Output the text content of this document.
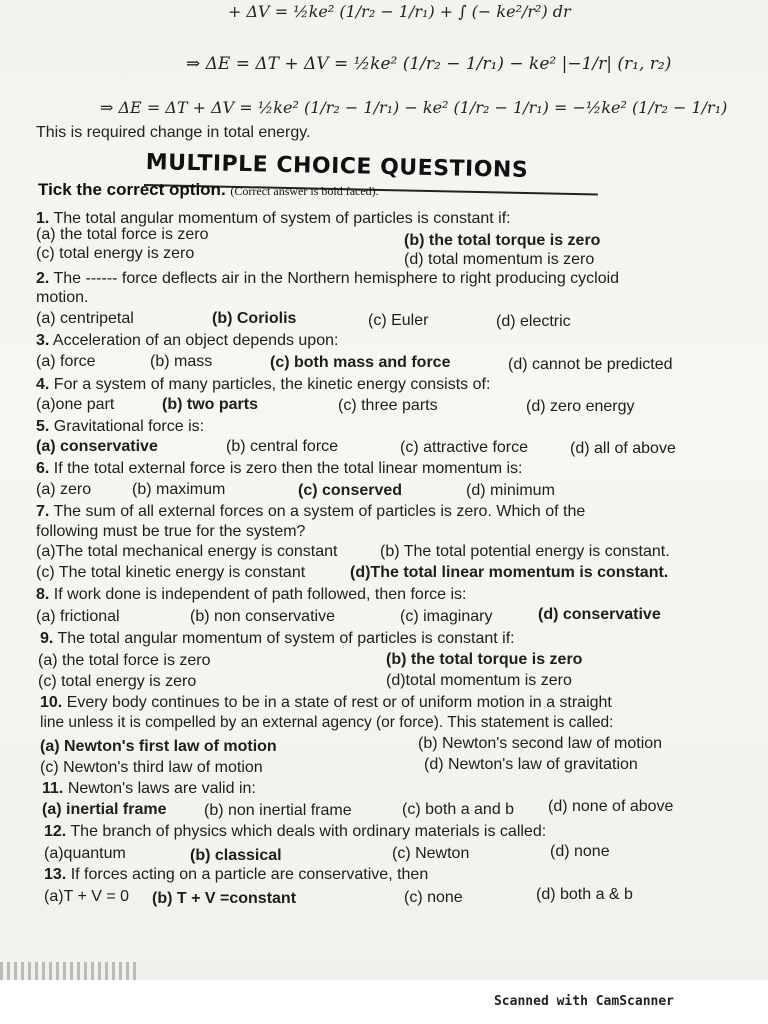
+ ΔV = ½ke² (1/r₂ − 1/r₁) + ∫ (− ke²/r²) dr
⇒ ΔE = ΔT + ΔV = ½ke² (1/r₂ − 1/r₁) − ke² |−1/r| (r₁, r₂)
⇒ ΔE = ΔT + ΔV = ½ke² (1/r₂ − 1/r₁) − ke² (1/r₂ − 1/r₁) = −½ke² (1/r₂ − 1/r₁)
This is required change in total energy.
MULTIPLE CHOICE QUESTIONS
Tick the correct option. (Correct answer is bold faced).
1. The total angular momentum of system of particles is constant if:
(a) the total force is zero	(b) the total torque is zero
(c) total energy is zero	(d) total momentum is zero
2. The ------ force deflects air in the Northern hemisphere to right producing cycloid
motion.
(a) centripetal	(b) Coriolis	(c) Euler	(d) electric
3. Acceleration of an object depends upon:
(a) force	(b) mass	(c) both mass and force	(d) cannot be predicted
4. For a system of many particles, the kinetic energy consists of:
(a)one part	(b) two parts	(c) three parts	(d) zero energy
5. Gravitational force is:
(a) conservative	(b) central force	(c) attractive force	(d) all of above
6. If the total external force is zero then the total linear momentum is:
(a) zero	(b) maximum	(c) conserved	(d) minimum
7. The sum of all external forces on a system of particles is zero. Which of the
following must be true for the system?
(a)The total mechanical energy is constant	(b) The total potential energy is constant.
(c) The total kinetic energy is constant	(d)The total linear momentum is constant.
8. If work done is independent of path followed, then force is:
(a) frictional	(b) non conservative	(c) imaginary	(d) conservative
9. The total angular momentum of system of particles is constant if:
(a) the total force is zero	(b) the total torque is zero
(c) total energy is zero	(d)total momentum is zero
10. Every body continues to be in a state of rest or of uniform motion in a straight
line unless it is compelled by an external agency (or force). This statement is called:
(a) Newton's first law of motion	(b) Newton's second law of motion
(c) Newton's third law of motion	(d) Newton's law of gravitation
11. Newton's laws are valid in:
(a) inertial frame (b) non inertial frame	(c) both a and b (d) none of above
12. The branch of physics which deals with ordinary materials is called:
(a)quantum	(b) classical	(c) Newton	(d) none
13. If forces acting on a particle are conservative, then
(a)T + V = 0 (b) T + V =constant	(c) none	(d) both a & b
Scanned with CamScanner
